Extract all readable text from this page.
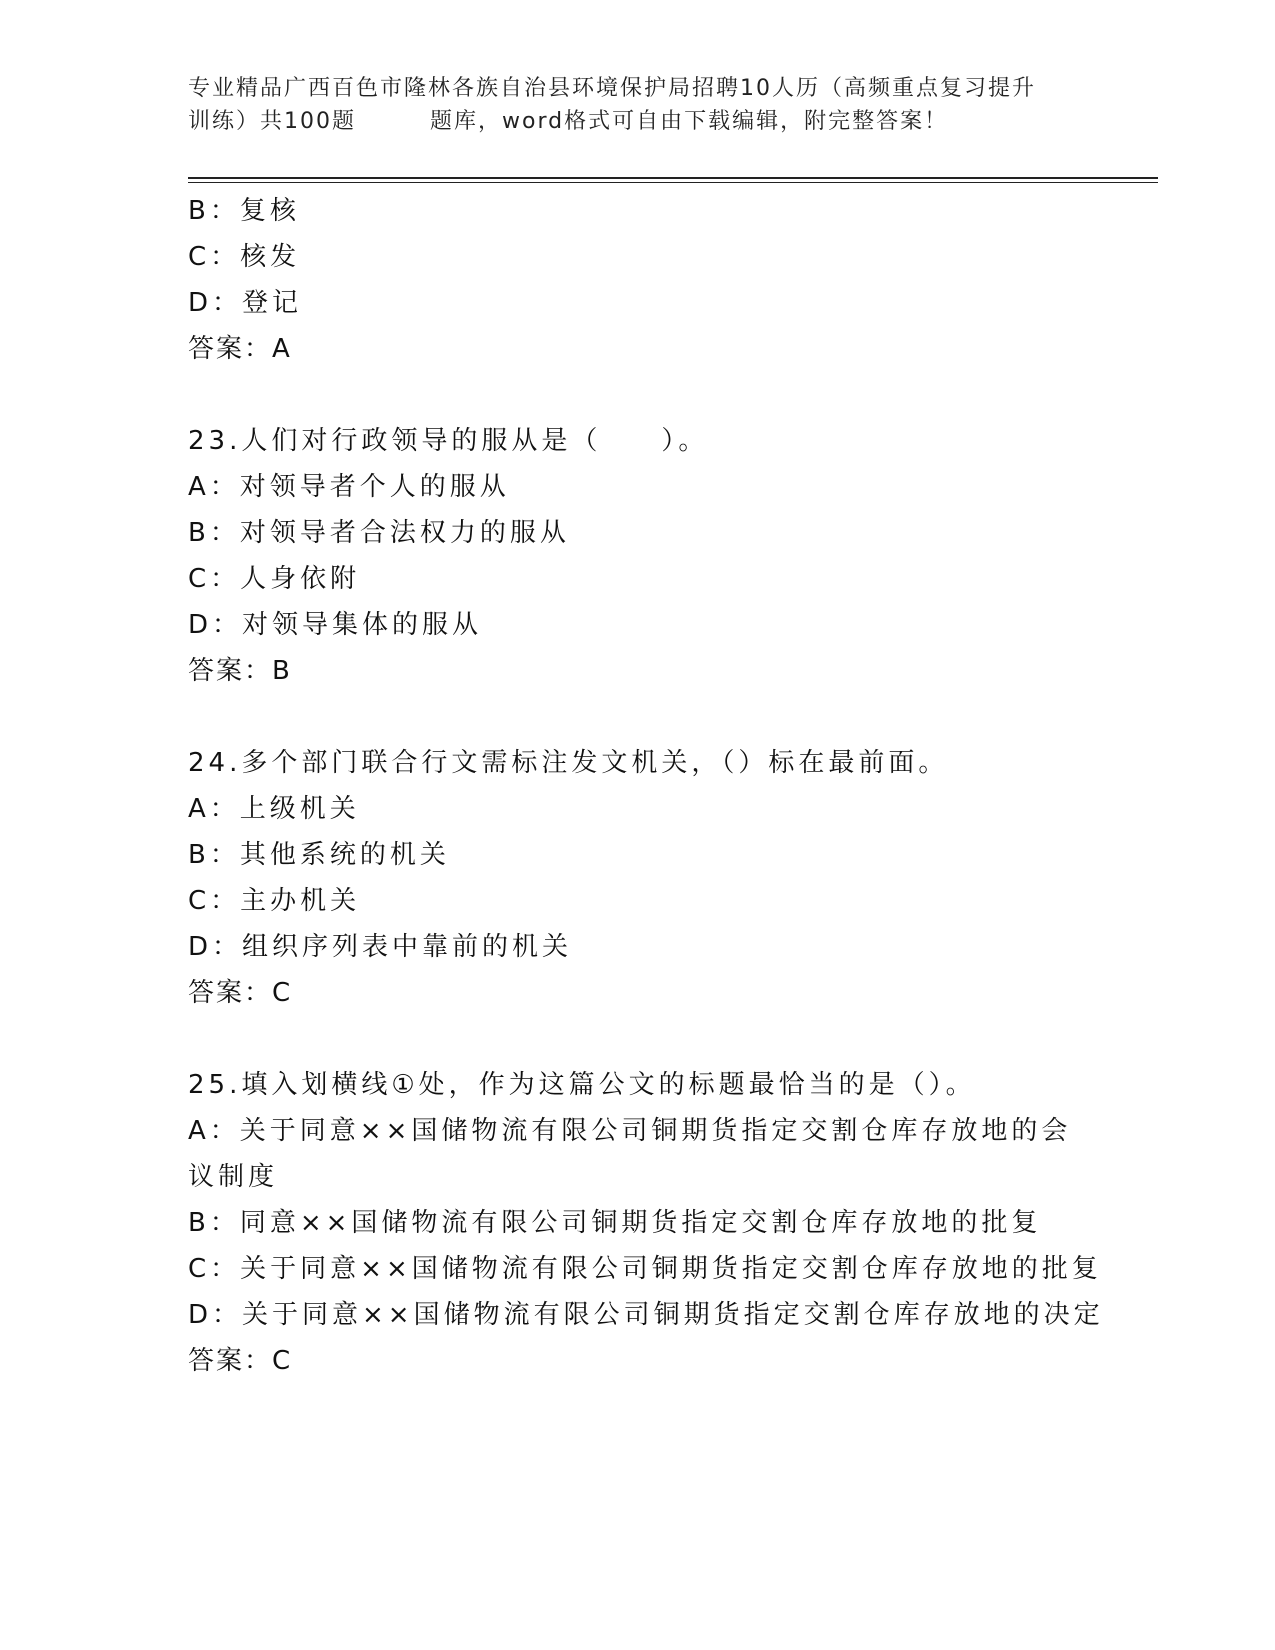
专业精品广西百色市隆林各族自治县环境保护局招聘10人历（高频重点复习提升
训练）共100题	题库，word格式可自由下载编辑，附完整答案！
B：复核
C：核发
D：登记
答案：A
23.人们对行政领导的服从是（　　）。
A：对领导者个人的服从
B：对领导者合法权力的服从
C：人身依附
D：对领导集体的服从
答案：B
24.多个部门联合行文需标注发文机关，（）标在最前面。
A：上级机关
B：其他系统的机关
C：主办机关
D：组织序列表中靠前的机关
答案：C
25.填入划横线①处，作为这篇公文的标题最恰当的是（）。
A：关于同意××国储物流有限公司铜期货指定交割仓库存放地的会议制度
B：同意××国储物流有限公司铜期货指定交割仓库存放地的批复
C：关于同意××国储物流有限公司铜期货指定交割仓库存放地的批复
D：关于同意××国储物流有限公司铜期货指定交割仓库存放地的决定
答案：C
